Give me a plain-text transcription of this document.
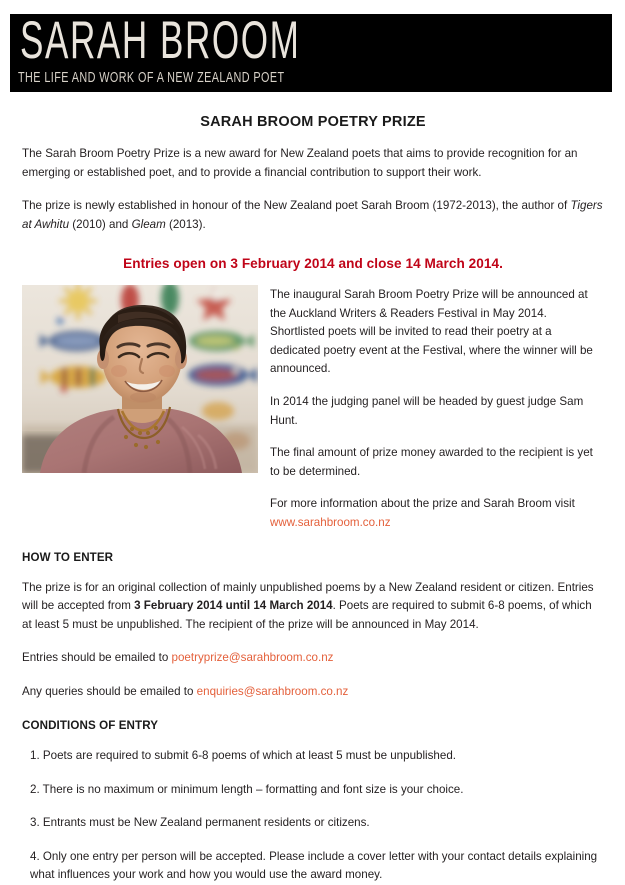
SARAH BROOM
THE LIFE AND WORK OF A NEW ZEALAND POET
SARAH BROOM POETRY PRIZE

The Sarah Broom Poetry Prize is a new award for New Zealand poets that aims to provide recognition for an emerging or established poet, and to provide a financial contribution to support their work.

The prize is newly established in honour of the New Zealand poet Sarah Broom (1972-2013), the author of Tigers at Awhitu (2010) and Gleam (2013).

Entries open on 3 February 2014 and close 14 March 2014.

The inaugural Sarah Broom Poetry Prize will be announced at the Auckland Writers & Readers Festival in May 2014. Shortlisted poets will be invited to read their poetry at a dedicated poetry event at the Festival, where the winner will be announced.

In 2014 the judging panel will be headed by guest judge Sam Hunt.

The final amount of prize money awarded to the recipient is yet to be determined.

For more information about the prize and Sarah Broom visit
www.sarahbroom.co.nz

HOW TO ENTER

The prize is for an original collection of mainly unpublished poems by a New Zealand resident or citizen. Entries will be accepted from 3 February 2014 until 14 March 2014. Poets are required to submit 6-8 poems, of which at least 5 must be unpublished. The recipient of the prize will be announced in May 2014.

Entries should be emailed to poetryprize@sarahbroom.co.nz

Any queries should be emailed to enquiries@sarahbroom.co.nz

CONDITIONS OF ENTRY

1. Poets are required to submit 6-8 poems of which at least 5 must be unpublished.

2. There is no maximum or minimum length – formatting and font size is your choice.

3. Entrants must be New Zealand permanent residents or citizens.

4. Only one entry per person will be accepted. Please include a cover letter with your contact details explaining what influences your work and how you would use the award money.
